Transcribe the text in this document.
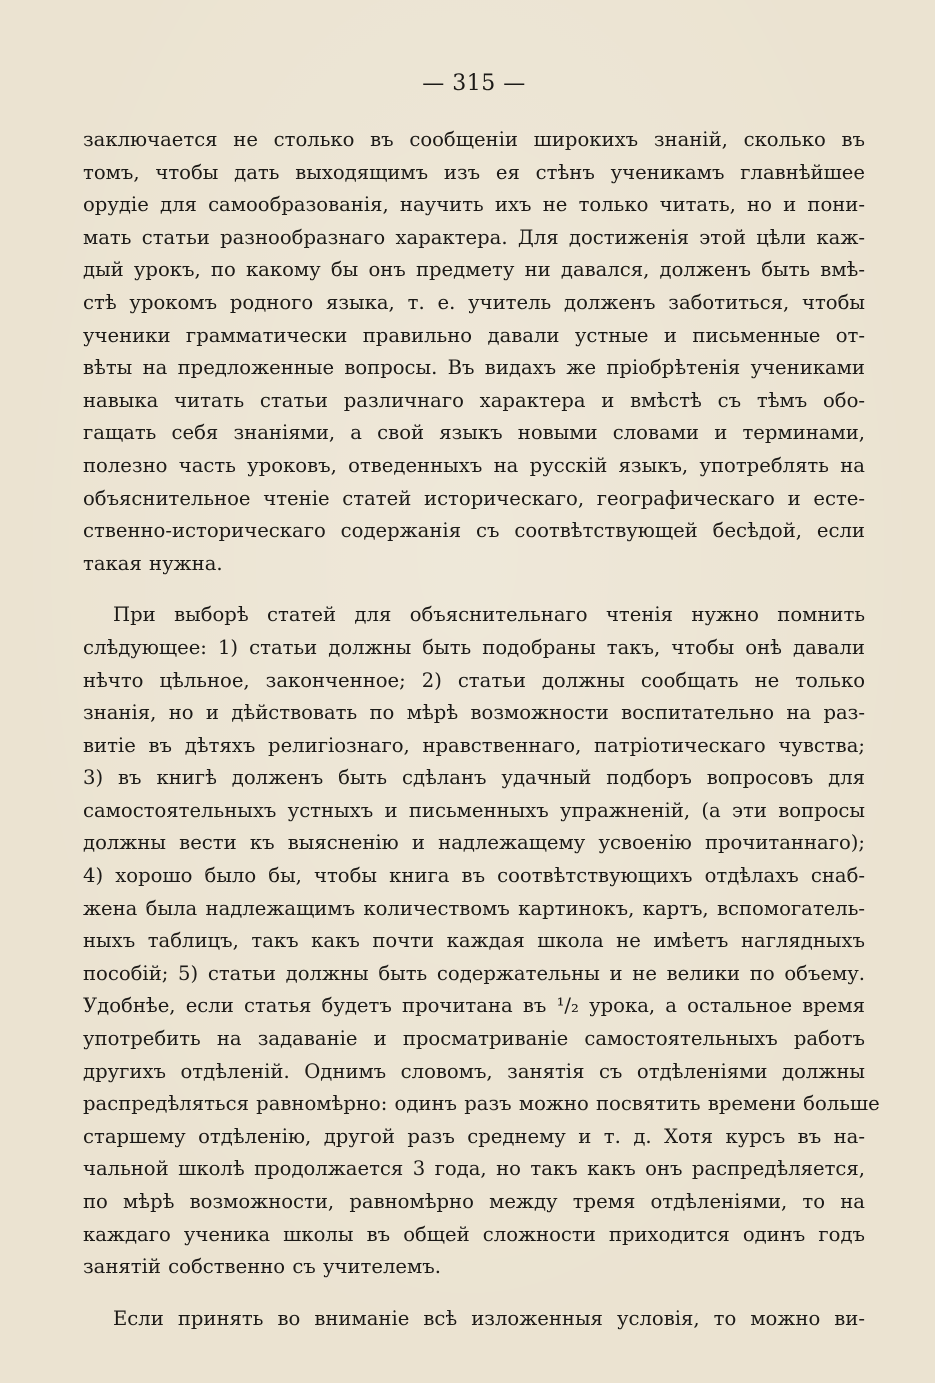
— 315 —
заключается не столько въ сообщенiи широкихъ знанiй, сколько въ
томъ, чтобы дать выходящимъ изъ ея стѣнъ ученикамъ главнѣйшее
орудiе для самообразованiя, научить ихъ не только читать, но и пони-
мать статьи разнообразнаго характера. Для достиженiя этой цѣли каж-
дый урокъ, по какому бы онъ предмету ни давался, долженъ быть вмѣ-
стѣ урокомъ родного языка, т. е. учитель долженъ заботиться, чтобы
ученики грамматически правильно давали устные и письменные от-
вѣты на предложенные вопросы. Въ видахъ же прiобрѣтенiя учениками
навыка читать статьи различнаго характера и вмѣстѣ съ тѣмъ обо-
гащать себя знанiями, а свой языкъ новыми словами и терминами,
полезно часть уроковъ, отведенныхъ на русскiй языкъ, употреблять на
объяснительное чтенiе статей историческаго, географическаго и есте-
ственно-историческаго содержанiя съ соотвѣтствующей бесѣдой, если
такая нужна.
При выборѣ статей для объяснительнаго чтенiя нужно помнить
слѣдующее: 1) статьи должны быть подобраны такъ, чтобы онѣ давали
нѣчто цѣльное, законченное; 2) статьи должны сообщать не только
знанiя, но и дѣйствовать по мѣрѣ возможности воспитательно на раз-
витiе въ дѣтяхъ религiознаго, нравственнаго, патрiотическаго чувства;
3) въ книгѣ долженъ быть сдѣланъ удачный подборъ вопросовъ для
самостоятельныхъ устныхъ и письменныхъ упражненiй, (а эти вопросы
должны вести къ выясненiю и надлежащему усвоенiю прочитаннаго);
4) хорошо было бы, чтобы книга въ соотвѣтствующихъ отдѣлахъ снаб-
жена была надлежащимъ количествомъ картинокъ, картъ, вспомогатель-
ныхъ таблицъ, такъ какъ почти каждая школа не имѣетъ наглядныхъ
пособiй; 5) статьи должны быть содержательны и не велики по объему.
Удобнѣе, если статья будетъ прочитана въ ¹/₂ урока, а остальное время
употребить на задаванiе и просматриванiе самостоятельныхъ работъ
другихъ отдѣленiй. Однимъ словомъ, занятiя съ отдѣленiями должны
распредѣляться равномѣрно: одинъ разъ можно посвятить времени больше
старшему отдѣленiю, другой разъ среднему и т. д. Хотя курсъ въ на-
чальной школѣ продолжается 3 года, но такъ какъ онъ распредѣляется,
по мѣрѣ возможности, равномѣрно между тремя отдѣленiями, то на
каждаго ученика школы въ общей сложности приходится одинъ годъ
занятiй собственно съ учителемъ.
Если принять во вниманiе всѣ изложенныя условiя, то можно ви-
